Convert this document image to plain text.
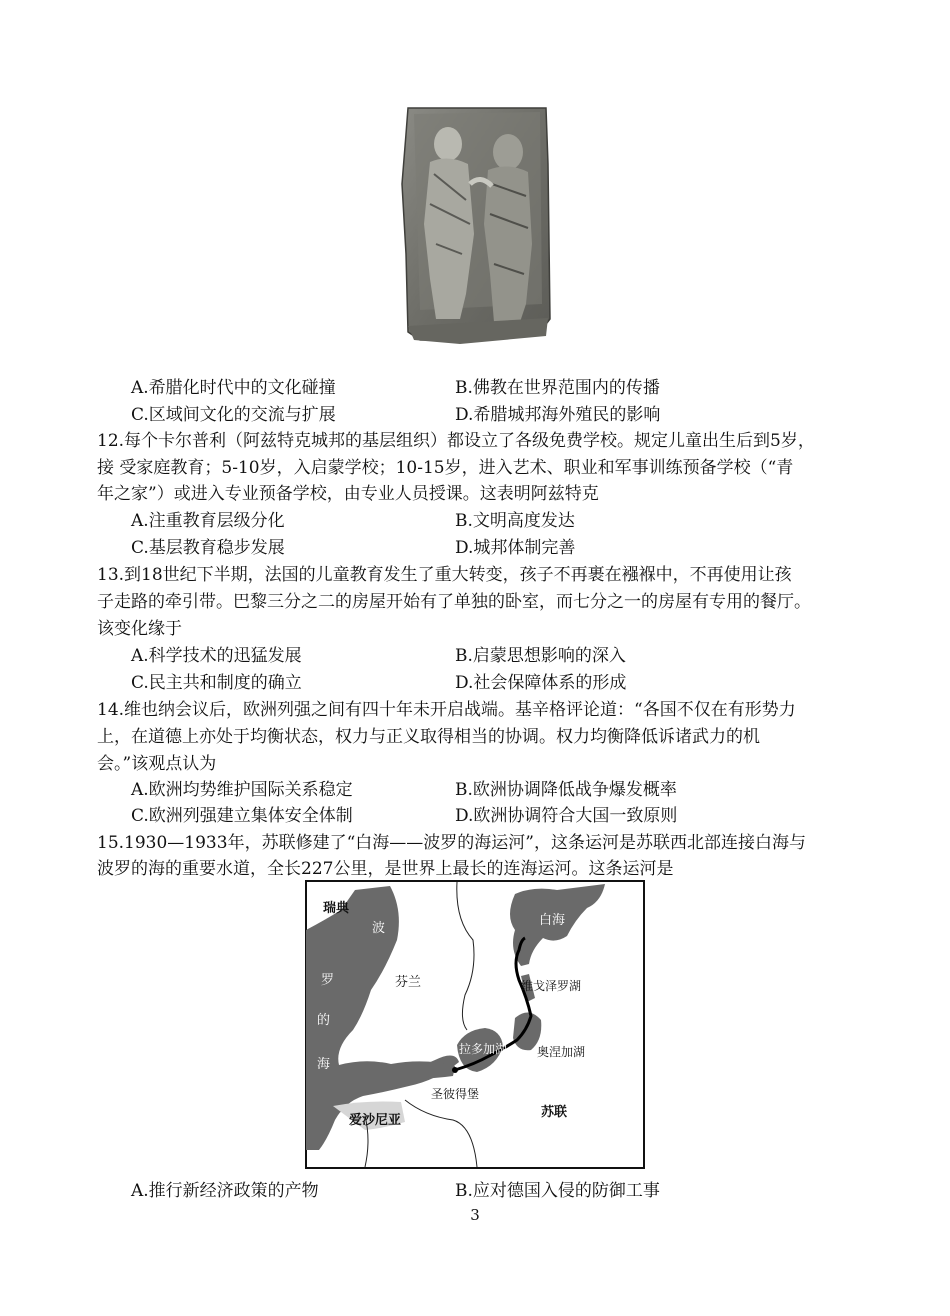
A.希腊化时代中的文化碰撞	B.佛教在世界范围内的传播
C.区域间文化的交流与扩展	D.希腊城邦海外殖民的影响
12.每个卡尔普利（阿兹特克城邦的基层组织）都设立了各级免费学校。规定儿童出生后到5岁，
接 受家庭教育；5-10岁，入启蒙学校；10-15岁，进入艺术、职业和军事训练预备学校（“青
年之家”）或进入专业预备学校，由专业人员授课。这表明阿兹特克
A.注重教育层级分化	B.文明高度发达
C.基层教育稳步发展	D.城邦体制完善
13.到18世纪下半期，法国的儿童教育发生了重大转变，孩子不再裹在襁褓中，不再使用让孩
子走路的牵引带。巴黎三分之二的房屋开始有了单独的卧室，而七分之一的房屋有专用的餐厅。
该变化缘于
A.科学技术的迅猛发展	B.启蒙思想影响的深入
C.民主共和制度的确立	D.社会保障体系的形成
14.维也纳会议后，欧洲列强之间有四十年未开启战端。基辛格评论道：“各国不仅在有形势力
上，在道德上亦处于均衡状态，权力与正义取得相当的协调。权力均衡降低诉诸武力的机
会。”该观点认为
A.欧洲均势维护国际关系稳定	B.欧洲协调降低战争爆发概率
C.欧洲列强建立集体安全体制	D.欧洲协调符合大国一致原则
15.1930—1933年，苏联修建了“白海——波罗的海运河”，这条运河是苏联西北部连接白海与
波罗的海的重要水道，全长227公里，是世界上最长的连海运河。这条运河是
瑞典
波
罗
的
海
芬兰
白海
维戈泽罗湖
拉多加湖 奥涅加湖
圣彼得堡
苏联
爱沙尼亚
A.推行新经济政策的产物	B.应对德国入侵的防御工事
3
